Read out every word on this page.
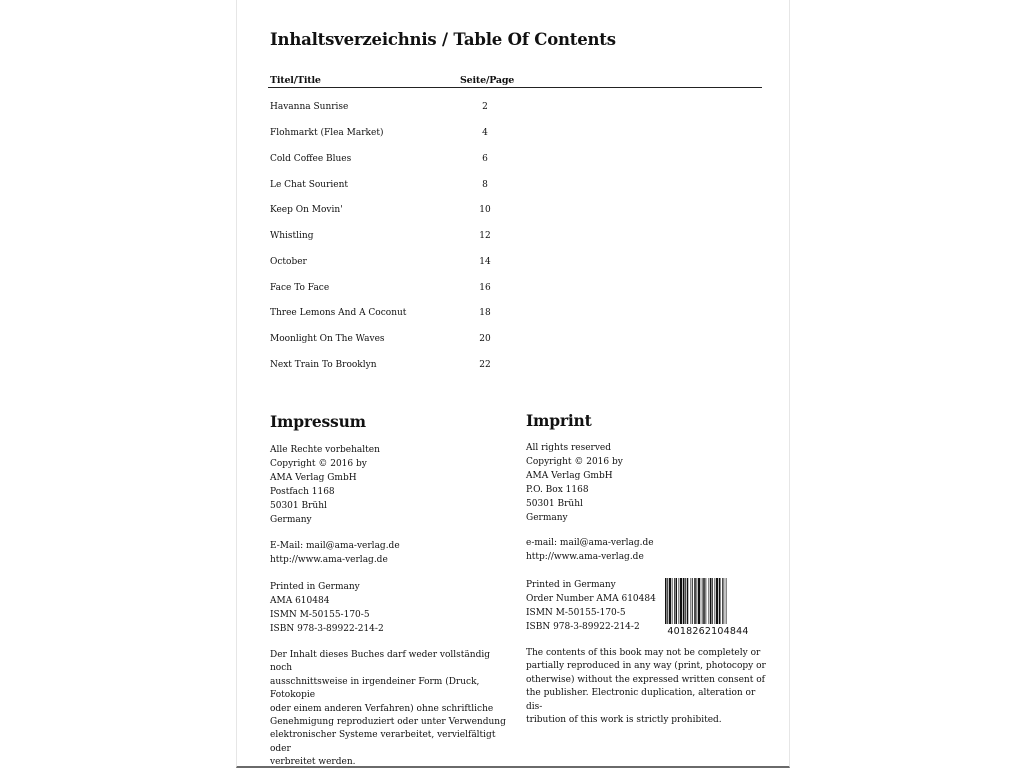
Inhaltsverzeichnis / Table Of Contents
Titel/Title	Seite/Page
Havanna Sunrise	2
Flohmarkt (Flea Market)	4
Cold Coffee Blues	6
Le Chat Sourient	8
Keep On Movin'	10
Whistling	12
October	14
Face To Face	16
Three Lemons And A Coconut	18
Moonlight On The Waves	20
Next Train To Brooklyn	22
Impressum
Alle Rechte vorbehalten
Copyright © 2016 by
AMA Verlag GmbH
Postfach 1168
50301 Brühl
Germany
E-Mail: mail@ama-verlag.de
http://www.ama-verlag.de
Printed in Germany
AMA 610484
ISMN M-50155-170-5
ISBN 978-3-89922-214-2
Der Inhalt dieses Buches darf weder vollständig noch
ausschnittsweise in irgendeiner Form (Druck, Fotokopie
oder einem anderen Verfahren) ohne schriftliche
Genehmigung reproduziert oder unter Verwendung
elektronischer Systeme verarbeitet, vervielfältigt oder
verbreitet werden.
Imprint
All rights reserved
Copyright © 2016 by
AMA Verlag GmbH
P.O. Box 1168
50301 Brühl
Germany
e-mail: mail@ama-verlag.de
http://www.ama-verlag.de
Printed in Germany
Order Number AMA 610484
ISMN M-50155-170-5
ISBN 978-3-89922-214-2
The contents of this book may not be completely or
partially reproduced in any way (print, photocopy or
otherwise) without the expressed written consent of
the publisher. Electronic duplication, alteration or dis-
tribution of this work is strictly prohibited.
4018262104844
